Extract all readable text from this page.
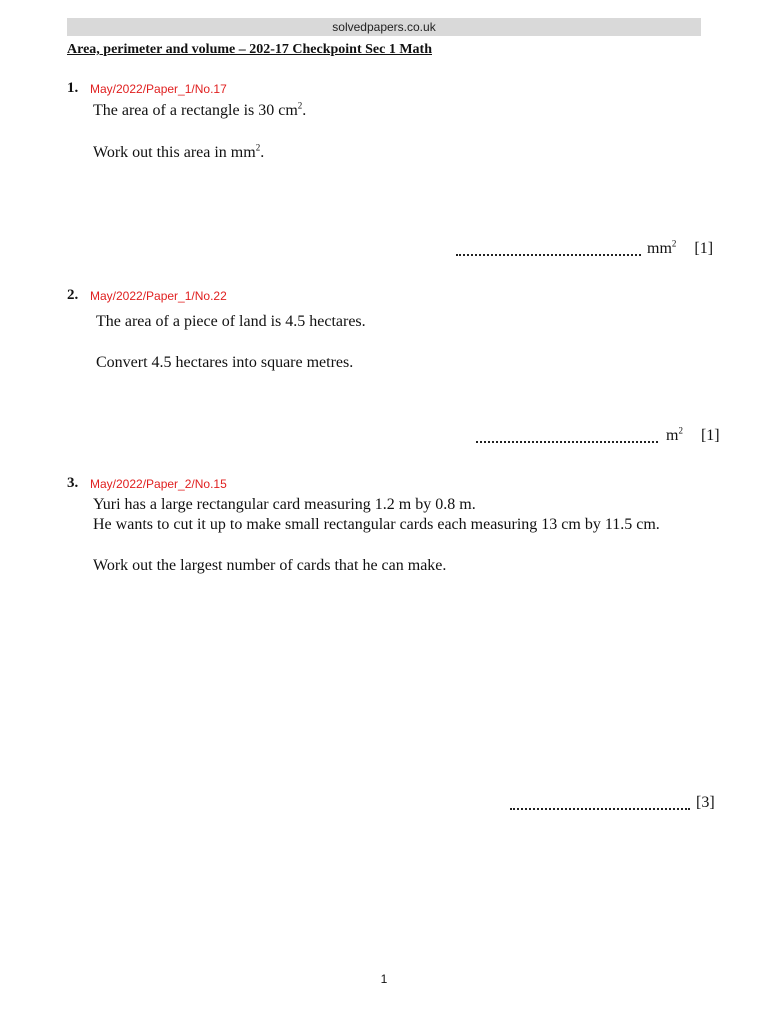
solvedpapers.co.uk
Area, perimeter and volume – 202-17 Checkpoint Sec 1 Math
1. May/2022/Paper_1/No.17
The area of a rectangle is 30 $cm^2$.
Work out this area in $mm^2$.
$mm^2$ [1]
2. May/2022/Paper_1/No.22
The area of a piece of land is 4.5 hectares.
Convert 4.5 hectares into square metres.
$m^2$ [1]
3. May/2022/Paper_2/No.15
Yuri has a large rectangular card measuring 1.2 m by 0.8 m.
He wants to cut it up to make small rectangular cards each measuring 13 cm by 11.5 cm.
Work out the largest number of cards that he can make.
[3]
1
